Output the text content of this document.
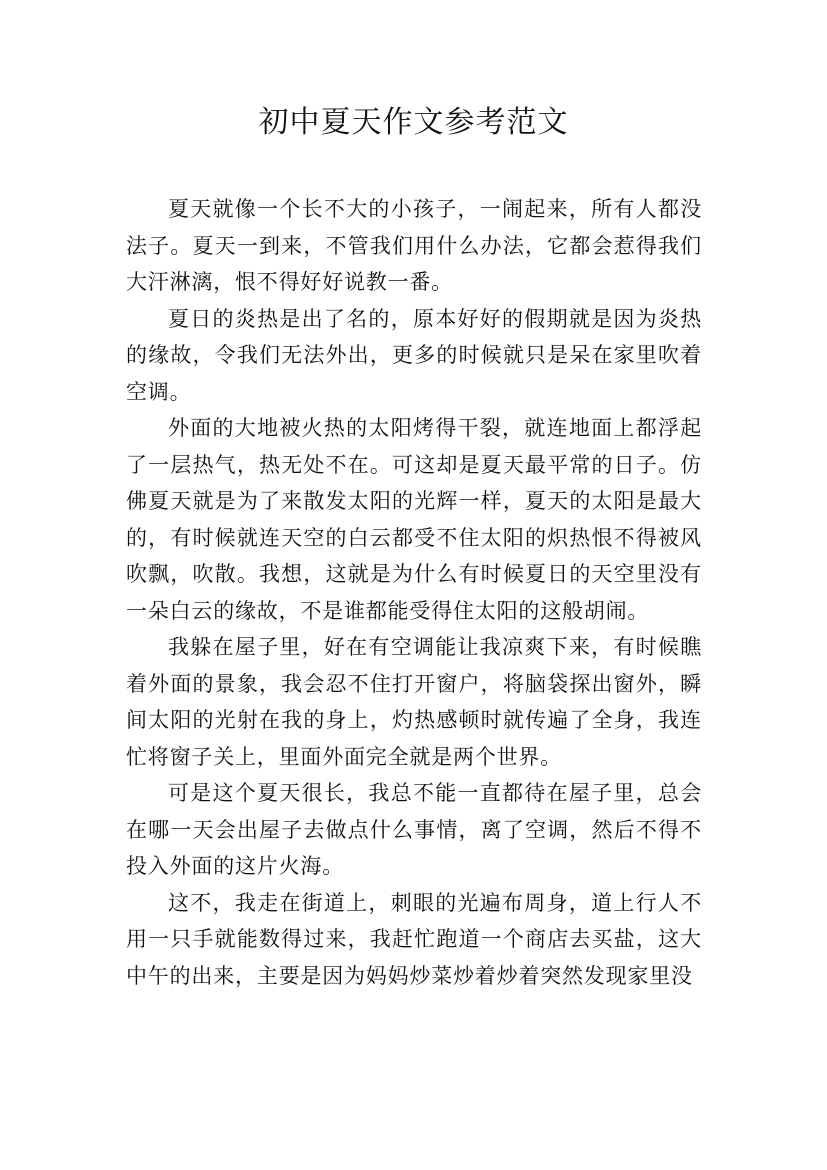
初中夏天作文参考范文

夏天就像一个长不大的小孩子，一闹起来，所有人都没法子。夏天一到来，不管我们用什么办法，它都会惹得我们大汗淋漓，恨不得好好说教一番。

夏日的炎热是出了名的，原本好好的假期就是因为炎热的缘故，令我们无法外出，更多的时候就只是呆在家里吹着空调。

外面的大地被火热的太阳烤得干裂，就连地面上都浮起了一层热气，热无处不在。可这却是夏天最平常的日子。仿佛夏天就是为了来散发太阳的光辉一样，夏天的太阳是最大的，有时候就连天空的白云都受不住太阳的炽热恨不得被风吹飘，吹散。我想，这就是为什么有时候夏日的天空里没有一朵白云的缘故，不是谁都能受得住太阳的这般胡闹。

我躲在屋子里，好在有空调能让我凉爽下来，有时候瞧着外面的景象，我会忍不住打开窗户，将脑袋探出窗外，瞬间太阳的光射在我的身上，灼热感顿时就传遍了全身，我连忙将窗子关上，里面外面完全就是两个世界。

可是这个夏天很长，我总不能一直都待在屋子里，总会在哪一天会出屋子去做点什么事情，离了空调，然后不得不投入外面的这片火海。

这不，我走在街道上，刺眼的光遍布周身，道上行人不用一只手就能数得过来，我赶忙跑道一个商店去买盐，这大中午的出来，主要是因为妈妈炒菜炒着炒着突然发现家里没
